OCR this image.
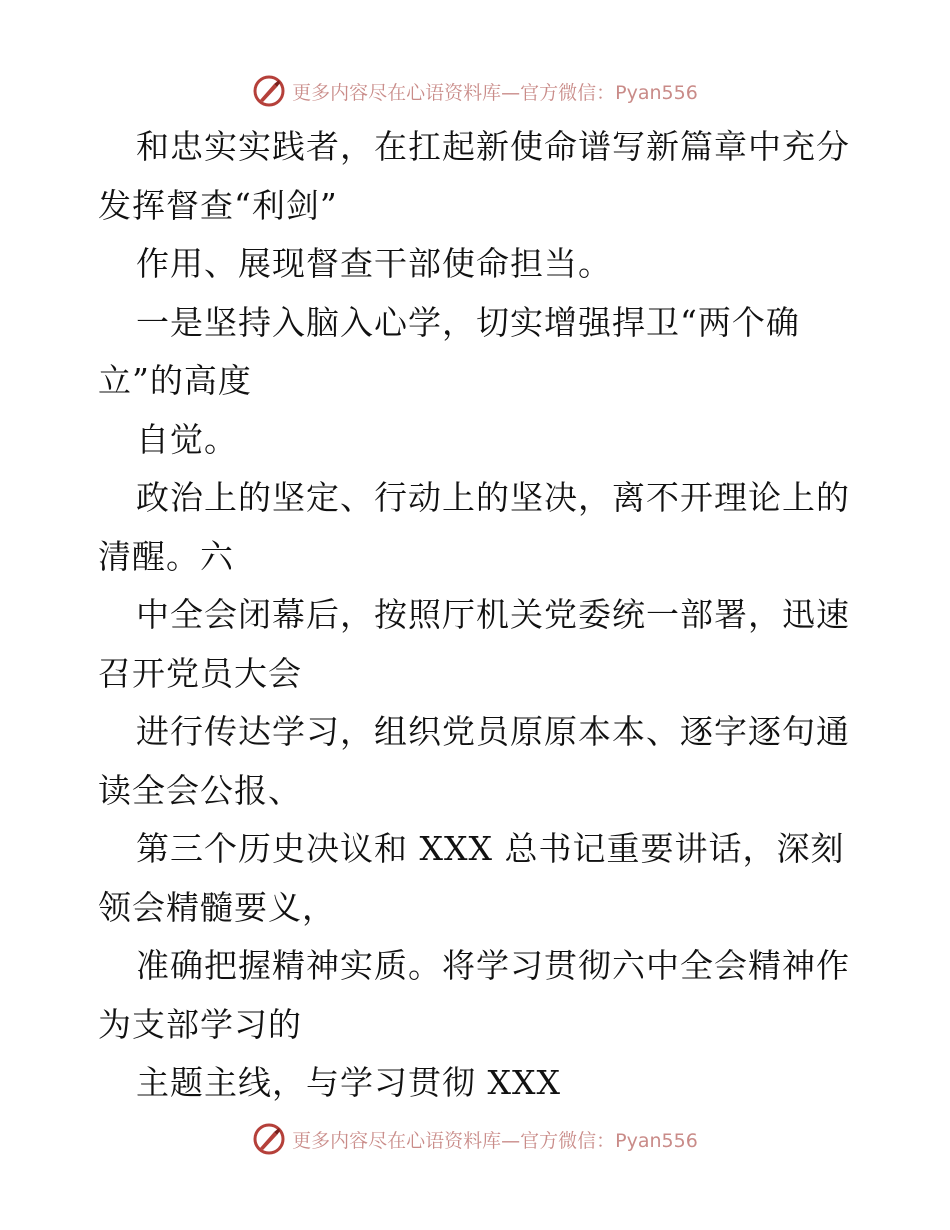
更多内容尽在心语资料库—官方微信：Pyan556
和忠实实践者，在扛起新使命谱写新篇章中充分
发挥督查“利剑”
作用、展现督查干部使命担当。
一是坚持入脑入心学，切实增强捍卫“两个确
立”的高度
自觉。
政治上的坚定、行动上的坚决，离不开理论上的
清醒。六
中全会闭幕后，按照厅机关党委统一部署，迅速
召开党员大会
进行传达学习，组织党员原原本本、逐字逐句通
读全会公报、
第三个历史决议和 XXX 总书记重要讲话，深刻
领会精髓要义，
准确把握精神实质。将学习贯彻六中全会精神作
为支部学习的
主题主线，与学习贯彻 XXX
更多内容尽在心语资料库—官方微信：Pyan556
